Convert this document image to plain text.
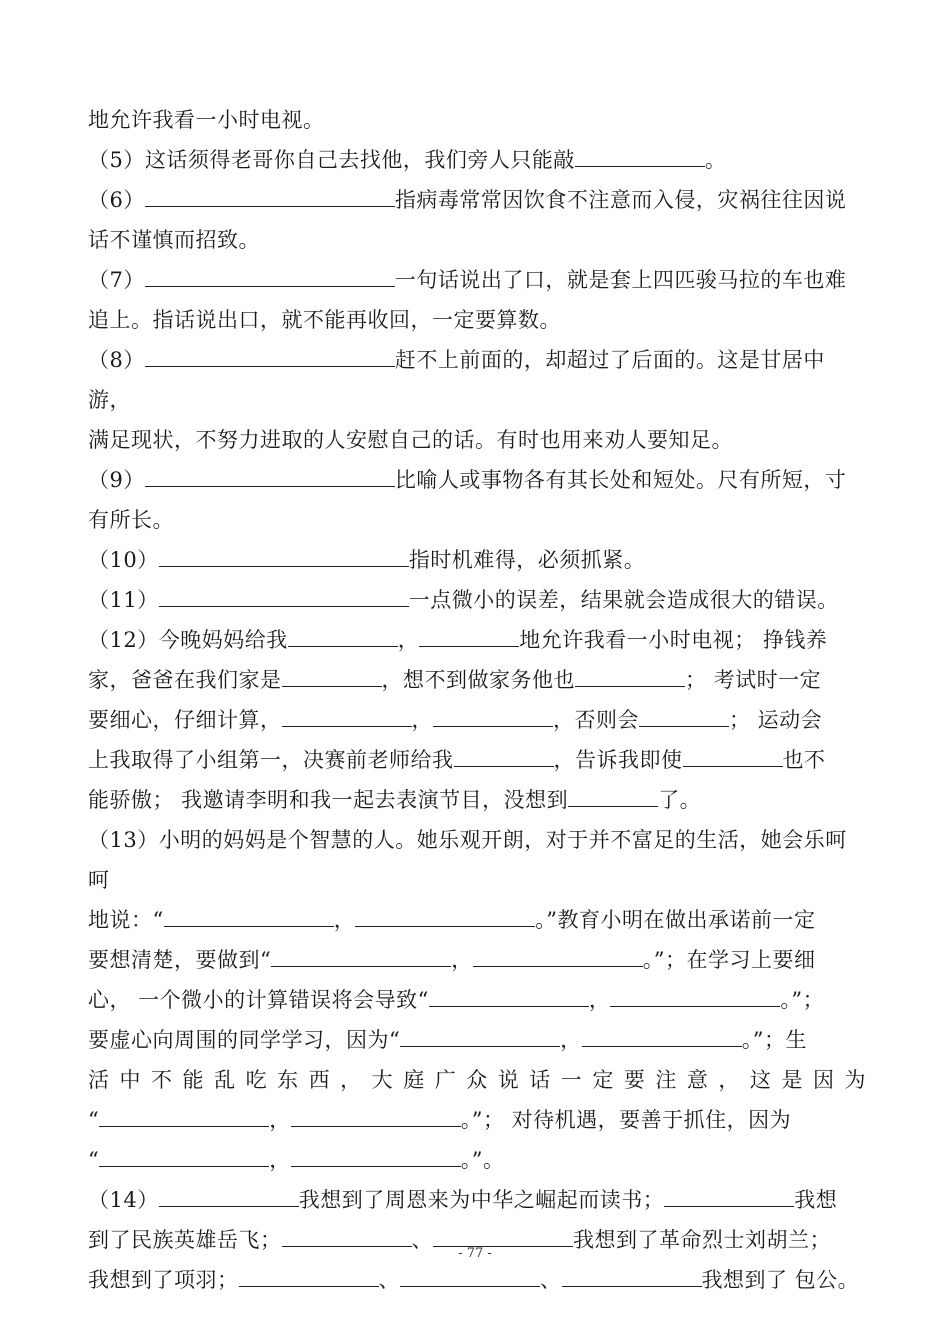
地允许我看一小时电视。

（5）这话须得老哥你自己去找他，我们旁人只能敲	。

（6）	指病毒常常因饮食不注意而入侵，灾祸往往因说

话不谨慎而招致。

（7）	一句话说出了口，就是套上四匹骏马拉的车也难

追上。指话说出口，就不能再收回，一定要算数。

（8）	赶不上前面的，却超过了后面的。这是甘居中游，

满足现状，不努力进取的人安慰自己的话。有时也用来劝人要知足。

（9）	比喻人或事物各有其长处和短处。尺有所短，寸

有所长。

（10）	指时机难得，必须抓紧。

（11）	一点微小的误差，结果就会造成很大的错误。

（12）今晚妈妈给我	，	地允许我看一小时电视； 挣钱养

家，爸爸在我们家是	，想不到做家务他也	； 考试时一定

要细心，仔细计算，	，	，否则会	； 运动会

上我取得了小组第一，决赛前老师给我	，告诉我即使	也不

能骄傲； 我邀请李明和我一起去表演节目，没想到	了。

（13）小明的妈妈是个智慧的人。她乐观开朗，对于并不富足的生活，她会乐呵呵

地说：“	，	。”教育小明在做出承诺前一定

要想清楚，要做到“	，	。”；在学习上要细

心， 一个微小的计算错误将会导致“	，	。”；

要虚心向周围的同学学习，因为“	，	。”；生

活中不能乱吃东西，大庭广众说话一定要注意，这是因为

“	，	。”； 对待机遇，要善于抓住，因为

“	，	。”。

（14）	我想到了周恩来为中华之崛起而读书；	我想

到了民族英雄岳飞；	、	我想到了革命烈士刘胡兰；

我想到了项羽；	、	、	我想到了 包公。

- 77 -
